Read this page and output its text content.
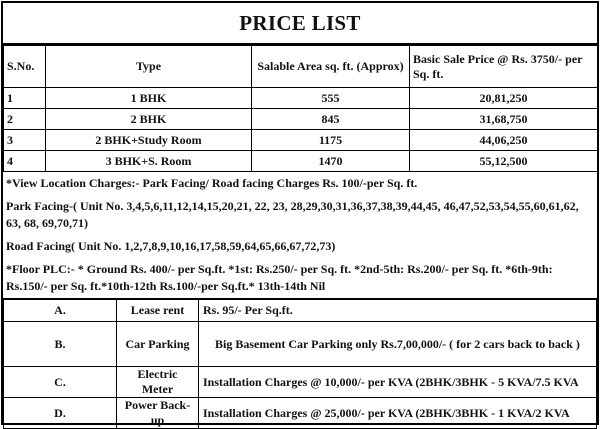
PRICE LIST
S.No.	Type	Salable Area sq. ft. (Approx)	Basic Sale Price @ Rs. 3750/- per Sq. ft.
1	1 BHK	555	20,81,250
2	2 BHK	845	31,68,750
3	2 BHK+Study Room	1175	44,06,250
4	3 BHK+S. Room	1470	55,12,500

*View Location Charges:- Park Facing/ Road facing Charges Rs. 100/-per Sq. ft.

Park Facing-( Unit No. 3,4,5,6,11,12,14,15,20,21, 22, 23, 28,29,30,31,36,37,38,39,44,45, 46,47,52,53,54,55,60,61,62, 63, 68, 69,70,71)

Road Facing( Unit No. 1,2,7,8,9,10,16,17,58,59,64,65,66,67,72,73)

*Floor PLC:- * Ground Rs. 400/- per Sq.ft. *1st: Rs.250/- per Sq. ft. *2nd-5th: Rs.200/- per Sq. ft. *6th-9th: Rs.150/- per Sq. ft.*10th-12th Rs.100/-per Sq.ft.* 13th-14th Nil

A.	Lease rent	Rs. 95/- Per Sq.ft.
B.	Car Parking	Big Basement Car Parking only Rs.7,00,000/- ( for 2 cars back to back )
C.	Electric Meter	Installation Charges @ 10,000/- per KVA (2BHK/3BHK - 5 KVA/7.5 KVA
D.	Power Back-up	Installation Charges @ 25,000/- per KVA (2BHK/3BHK - 1 KVA/2 KVA
